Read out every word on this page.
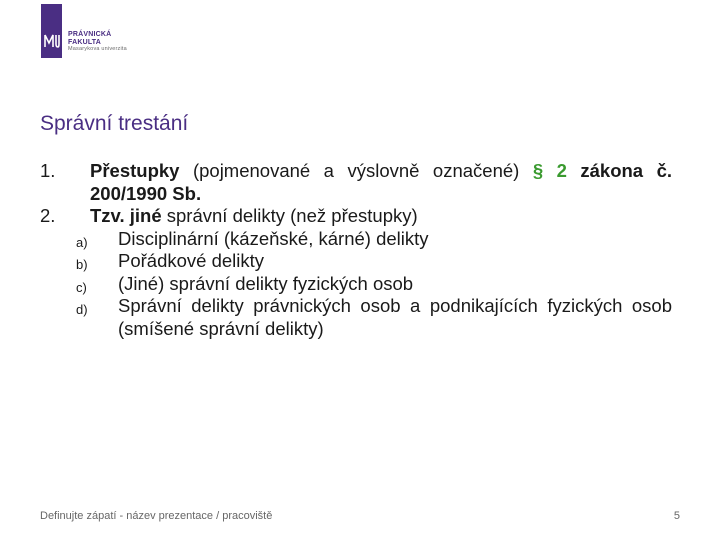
PRÁVNICKÁ
FAKULTA
Masarykova univerzita
Správní trestání
1. Přestupky (pojmenované a výslovně označené) § 2 zákona č. 200/1990 Sb.
2. Tzv. jiné správní delikty (než přestupky)
a) Disciplinární (kázeňské, kárné) delikty
b) Pořádkové delikty
c) (Jiné) správní delikty fyzických osob
d) Správní delikty právnických osob a podnikajících fyzických osob (smíšené správní delikty)
Definujte zápatí - název prezentace / pracoviště	5
